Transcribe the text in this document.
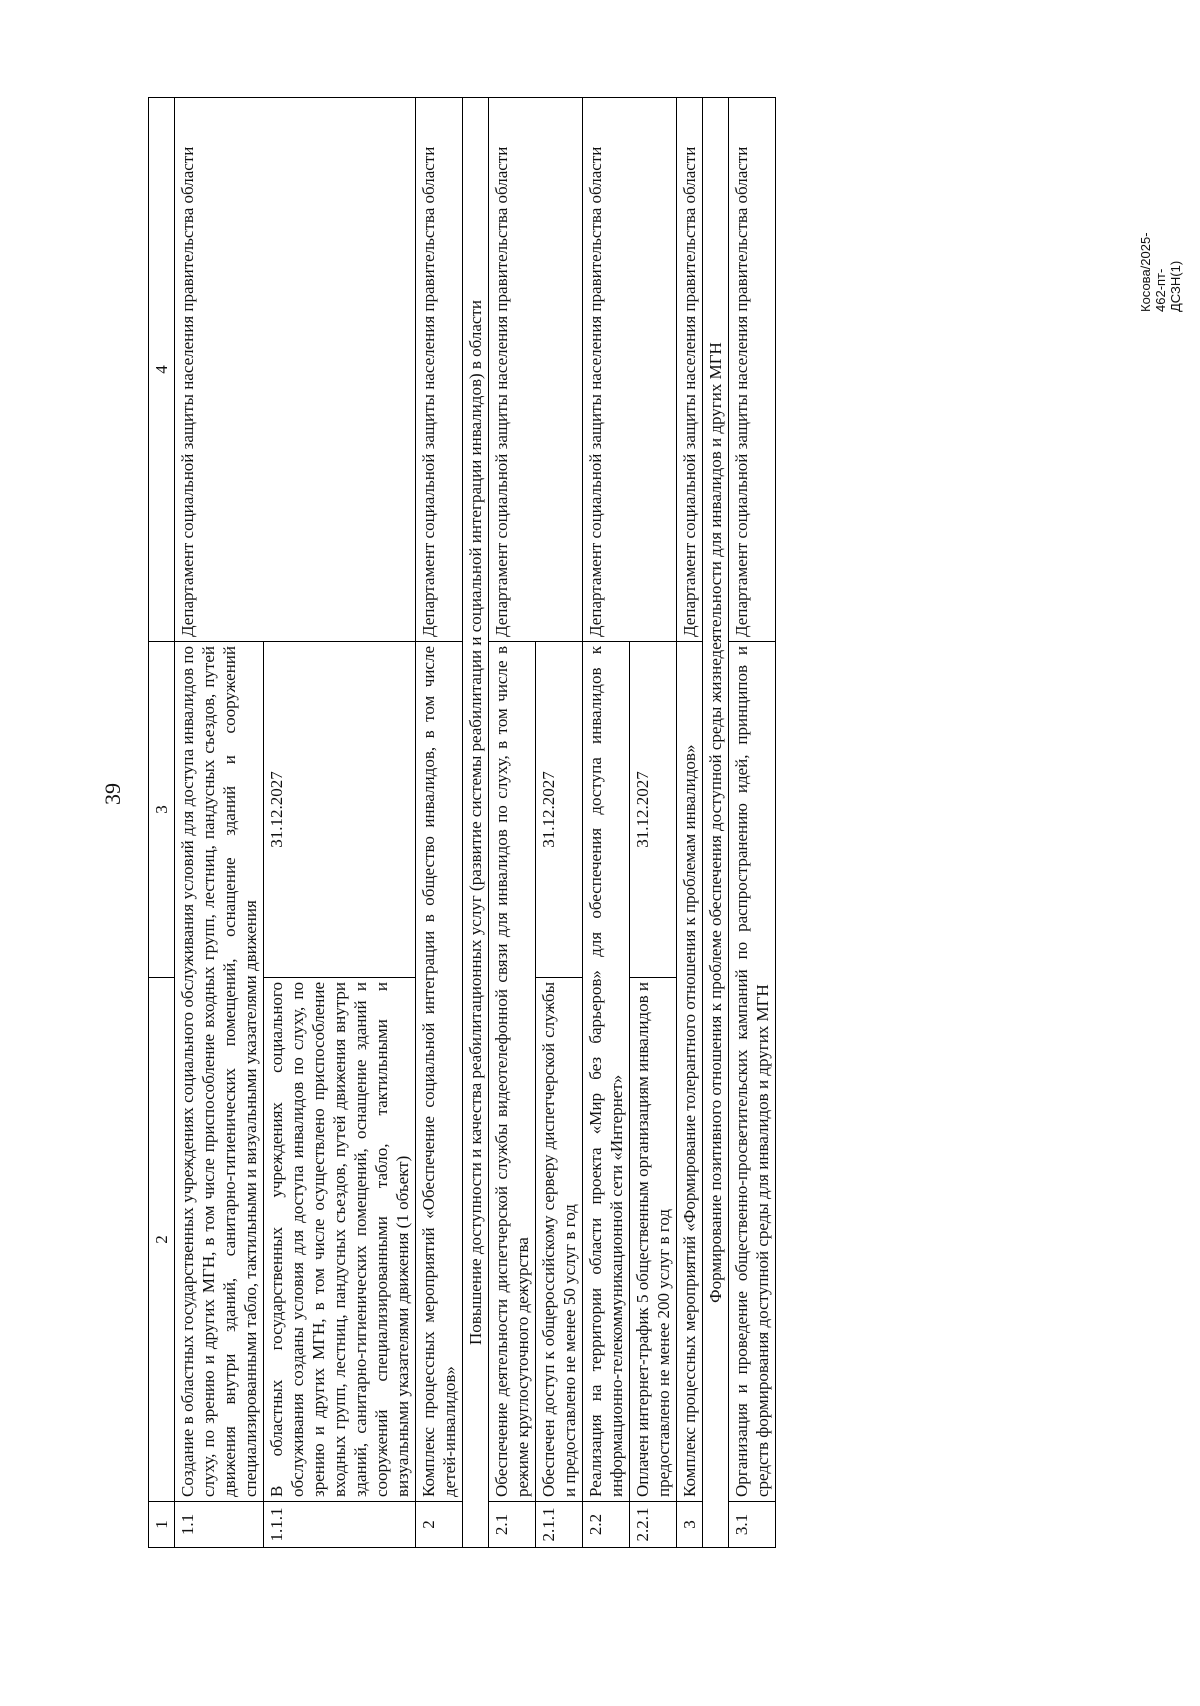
39
1	2	3	4
1.1	Создание в областных государственных учреждениях социального обслуживания условий для доступа инвалидов по слуху, по зрению и других МГН, в том числе приспособление входных групп, лестниц, пандусных съездов, путей движения внутри зданий, санитарно-гигиенических помещений, оснащение зданий и сооружений специализированными табло, тактильными и визуальными указателями движения		Департамент социальной защиты населения правительства области
1.1.1	В областных государственных учреждениях социального обслуживания созданы условия для доступа инвалидов по слуху, по зрению и других МГН, в том числе осуществлено приспособление входных групп, лестниц, пандусных съездов, путей движения внутри зданий, санитарно-гигиенических помещений, оснащение зданий и сооружений специализированными табло, тактильными и визуальными указателями движения (1 объект)	31.12.2027	
2	Комплекс процессных мероприятий «Обеспечение социальной интеграции в общество инвалидов, в том числе детей-инвалидов»		Департамент социальной защиты населения правительства области
Повышение доступности и качества реабилитационных услуг (развитие системы реабилитации и социальной интеграции инвалидов) в области			
2.1	Обеспечение деятельности диспетчерской службы видеотелефонной связи для инвалидов по слуху, в том числе в режиме круглосуточного дежурства		Департамент социальной защиты населения правительства области
2.1.1	Обеспечен доступ к общероссийскому серверу диспетчерской службы и предоставлено не менее 50 услуг в год	31.12.2027	
2.2	Реализация на территории области проекта «Мир без барьеров» для обеспечения доступа инвалидов к информационно-телекоммуникационной сети «Интернет»		Департамент социальной защиты населения правительства области
2.2.1	Оплачен интернет-трафик 5 общественным организациям инвалидов и предоставлено не менее 200 услуг в год	31.12.2027	
3	Комплекс процессных мероприятий «Формирование толерантного отношения к проблемам инвалидов»		Департамент социальной защиты населения правительства области
Формирование позитивного отношения к проблеме обеспечения доступной среды жизнедеятельности для инвалидов и других МГН			
3.1	Организация и проведение общественно-просветительских кампаний по распространению идей, принципов и средств формирования доступной среды для инвалидов и других МГН		Департамент социальной защиты населения правительства области	Косова/2025-462-пт-ДСЗН(1)
